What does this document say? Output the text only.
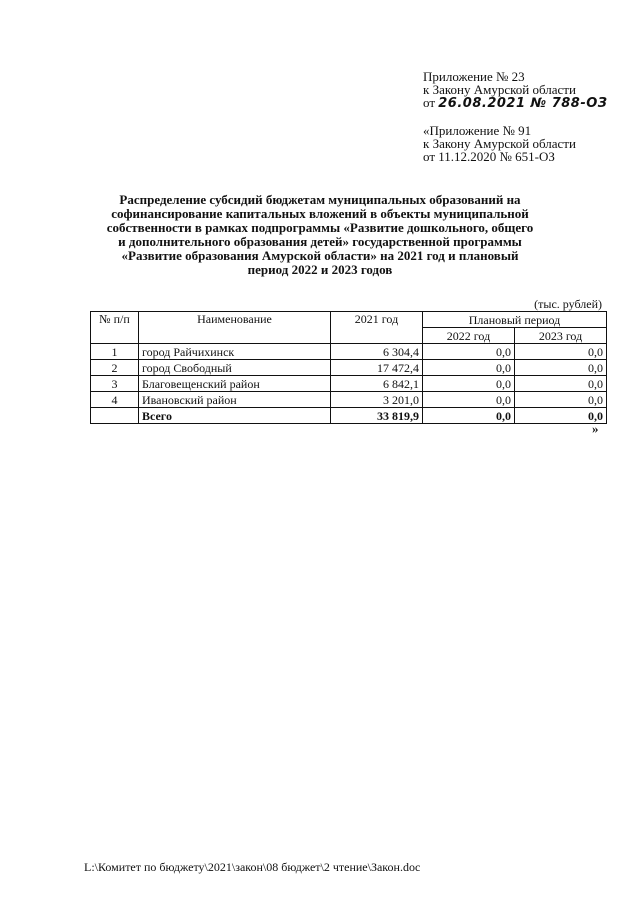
Приложение № 23
к Закону Амурской области
от 26.08.2021 № 788-ОЗ
«Приложение № 91
к Закону Амурской области
от 11.12.2020 № 651-ОЗ
Распределение субсидий бюджетам муниципальных образований на
софинансирование капитальных вложений в объекты муниципальной
собственности в рамках подпрограммы «Развитие дошкольного, общего
и дополнительного образования детей» государственной программы
«Развитие образования Амурской области» на 2021 год и плановый
период 2022 и 2023 годов
(тыс. рублей)
№ п/п	Наименование	2021 год	Плановый период	
			2022 год	2023 год
1	город Райчихинск	6 304,4	0,0	0,0
2	город Свободный	17 472,4	0,0	0,0
3	Благовещенский район	6 842,1	0,0	0,0
4	Ивановский район	3 201,0	0,0	0,0
	Всего	33 819,9	0,0	0,0
»
L:\Комитет по бюджету\2021\закон\08 бюджет\2 чтение\Закон.doc
